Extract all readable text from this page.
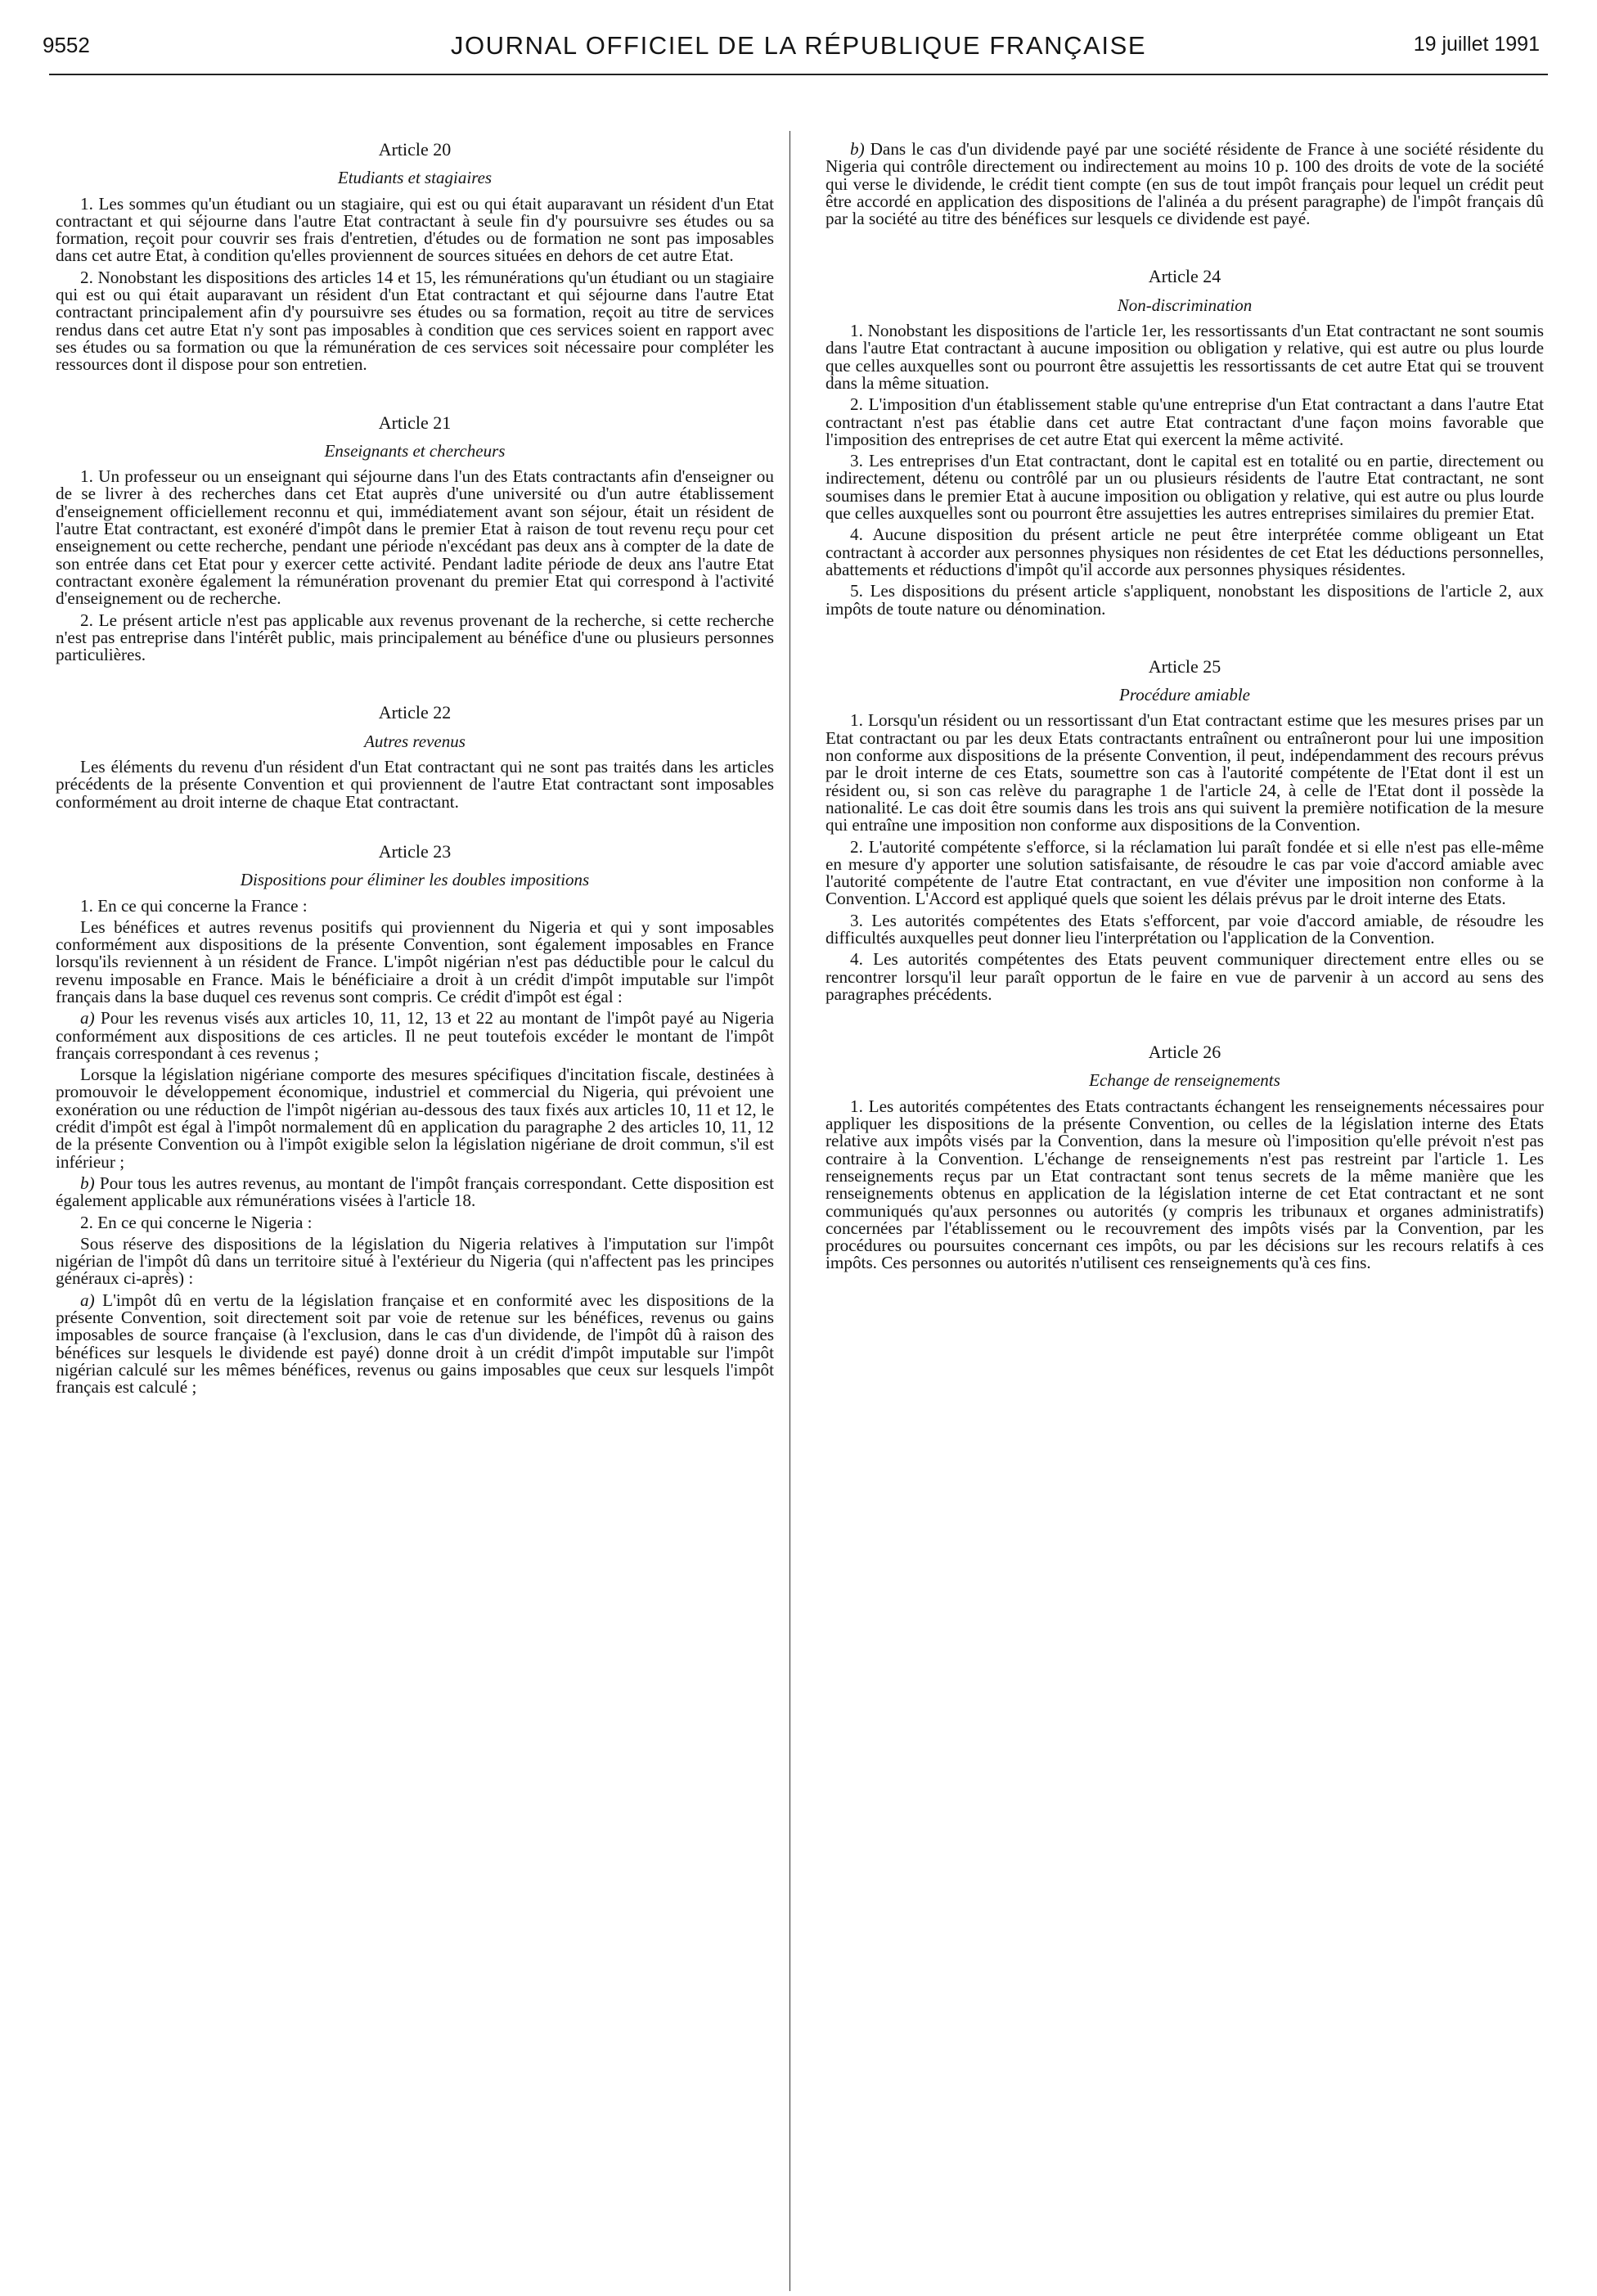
9552	JOURNAL OFFICIEL DE LA RÉPUBLIQUE FRANÇAISE	19 juillet 1991
Article 20
Etudiants et stagiaires

1. Les sommes qu'un étudiant ou un stagiaire, qui est ou qui était auparavant un résident d'un Etat contractant et qui séjourne dans l'autre Etat contractant à seule fin d'y poursuivre ses études ou sa formation, reçoit pour couvrir ses frais d'entretien, d'études ou de formation ne sont pas imposables dans cet autre Etat, à condition qu'elles proviennent de sources situées en dehors de cet autre Etat.

2. Nonobstant les dispositions des articles 14 et 15, les rémunérations qu'un étudiant ou un stagiaire qui est ou qui était auparavant un résident d'un Etat contractant et qui séjourne dans l'autre Etat contractant principalement afin d'y poursuivre ses études ou sa formation, reçoit au titre de services rendus dans cet autre Etat n'y sont pas imposables à condition que ces services soient en rapport avec ses études ou sa formation ou que la rémunération de ces services soit nécessaire pour compléter les ressources dont il dispose pour son entretien.

Article 21
Enseignants et chercheurs

1. Un professeur ou un enseignant qui séjourne dans l'un des Etats contractants afin d'enseigner ou de se livrer à des recherches dans cet Etat auprès d'une université ou d'un autre établissement d'enseignement officiellement reconnu et qui, immédiatement avant son séjour, était un résident de l'autre Etat contractant, est exonéré d'impôt dans le premier Etat à raison de tout revenu reçu pour cet enseignement ou cette recherche, pendant une période n'excédant pas deux ans à compter de la date de son entrée dans cet Etat pour y exercer cette activité. Pendant ladite période de deux ans l'autre Etat contractant exonère également la rémunération provenant du premier Etat qui correspond à l'activité d'enseignement ou de recherche.

2. Le présent article n'est pas applicable aux revenus provenant de la recherche, si cette recherche n'est pas entreprise dans l'intérêt public, mais principalement au bénéfice d'une ou plusieurs personnes particulières.

Article 22
Autres revenus

Les éléments du revenu d'un résident d'un Etat contractant qui ne sont pas traités dans les articles précédents de la présente Convention et qui proviennent de l'autre Etat contractant sont imposables conformément au droit interne de chaque Etat contractant.

Article 23
Dispositions pour éliminer les doubles impositions

1. En ce qui concerne la France :

Les bénéfices et autres revenus positifs qui proviennent du Nigeria et qui y sont imposables conformément aux dispositions de la présente Convention, sont également imposables en France lorsqu'ils reviennent à un résident de France. L'impôt nigérian n'est pas déductible pour le calcul du revenu imposable en France. Mais le bénéficiaire a droit à un crédit d'impôt imputable sur l'impôt français dans la base duquel ces revenus sont compris. Ce crédit d'impôt est égal :

a) Pour les revenus visés aux articles 10, 11, 12, 13 et 22 au montant de l'impôt payé au Nigeria conformément aux dispositions de ces articles. Il ne peut toutefois excéder le montant de l'impôt français correspondant à ces revenus ;

Lorsque la législation nigériane comporte des mesures spécifiques d'incitation fiscale, destinées à promouvoir le développement économique, industriel et commercial du Nigeria, qui prévoient une exonération ou une réduction de l'impôt nigérian au-dessous des taux fixés aux articles 10, 11 et 12, le crédit d'impôt est égal à l'impôt normalement dû en application du paragraphe 2 des articles 10, 11, 12 de la présente Convention ou à l'impôt exigible selon la législation nigériane de droit commun, s'il est inférieur ;

b) Pour tous les autres revenus, au montant de l'impôt français correspondant. Cette disposition est également applicable aux rémunérations visées à l'article 18.

2. En ce qui concerne le Nigeria :

Sous réserve des dispositions de la législation du Nigeria relatives à l'imputation sur l'impôt nigérian de l'impôt dû dans un territoire situé à l'extérieur du Nigeria (qui n'affectent pas les principes généraux ci-après) :

a) L'impôt dû en vertu de la législation française et en conformité avec les dispositions de la présente Convention, soit directement soit par voie de retenue sur les bénéfices, revenus ou gains imposables de source française (à l'exclusion, dans le cas d'un dividende, de l'impôt dû à raison des bénéfices sur lesquels le dividende est payé) donne droit à un crédit d'impôt imputable sur l'impôt nigérian calculé sur les mêmes bénéfices, revenus ou gains imposables que ceux sur lesquels l'impôt français est calculé ;

b) Dans le cas d'un dividende payé par une société résidente de France à une société résidente du Nigeria qui contrôle directement ou indirectement au moins 10 p. 100 des droits de vote de la société qui verse le dividende, le crédit tient compte (en sus de tout impôt français pour lequel un crédit peut être accordé en application des dispositions de l'alinéa a du présent paragraphe) de l'impôt français dû par la société au titre des bénéfices sur lesquels ce dividende est payé.

Article 24
Non-discrimination

1. Nonobstant les dispositions de l'article 1er, les ressortissants d'un Etat contractant ne sont soumis dans l'autre Etat contractant à aucune imposition ou obligation y relative, qui est autre ou plus lourde que celles auxquelles sont ou pourront être assujettis les ressortissants de cet autre Etat qui se trouvent dans la même situation.

2. L'imposition d'un établissement stable qu'une entreprise d'un Etat contractant a dans l'autre Etat contractant n'est pas établie dans cet autre Etat contractant d'une façon moins favorable que l'imposition des entreprises de cet autre Etat qui exercent la même activité.

3. Les entreprises d'un Etat contractant, dont le capital est en totalité ou en partie, directement ou indirectement, détenu ou contrôlé par un ou plusieurs résidents de l'autre Etat contractant, ne sont soumises dans le premier Etat à aucune imposition ou obligation y relative, qui est autre ou plus lourde que celles auxquelles sont ou pourront être assujetties les autres entreprises similaires du premier Etat.

4. Aucune disposition du présent article ne peut être interprétée comme obligeant un Etat contractant à accorder aux personnes physiques non résidentes de cet Etat les déductions personnelles, abattements et réductions d'impôt qu'il accorde aux personnes physiques résidentes.

5. Les dispositions du présent article s'appliquent, nonobstant les dispositions de l'article 2, aux impôts de toute nature ou dénomination.

Article 25
Procédure amiable

1. Lorsqu'un résident ou un ressortissant d'un Etat contractant estime que les mesures prises par un Etat contractant ou par les deux Etats contractants entraînent ou entraîneront pour lui une imposition non conforme aux dispositions de la présente Convention, il peut, indépendamment des recours prévus par le droit interne de ces Etats, soumettre son cas à l'autorité compétente de l'Etat dont il est un résident ou, si son cas relève du paragraphe 1 de l'article 24, à celle de l'Etat dont il possède la nationalité. Le cas doit être soumis dans les trois ans qui suivent la première notification de la mesure qui entraîne une imposition non conforme aux dispositions de la Convention.

2. L'autorité compétente s'efforce, si la réclamation lui paraît fondée et si elle n'est pas elle-même en mesure d'y apporter une solution satisfaisante, de résoudre le cas par voie d'accord amiable avec l'autorité compétente de l'autre Etat contractant, en vue d'éviter une imposition non conforme à la Convention. L'Accord est appliqué quels que soient les délais prévus par le droit interne des Etats.

3. Les autorités compétentes des Etats s'efforcent, par voie d'accord amiable, de résoudre les difficultés auxquelles peut donner lieu l'interprétation ou l'application de la Convention.

4. Les autorités compétentes des Etats peuvent communiquer directement entre elles ou se rencontrer lorsqu'il leur paraît opportun de le faire en vue de parvenir à un accord au sens des paragraphes précédents.

Article 26
Echange de renseignements

1. Les autorités compétentes des Etats contractants échangent les renseignements nécessaires pour appliquer les dispositions de la présente Convention, ou celles de la législation interne des Etats relative aux impôts visés par la Convention, dans la mesure où l'imposition qu'elle prévoit n'est pas contraire à la Convention. L'échange de renseignements n'est pas restreint par l'article 1. Les renseignements reçus par un Etat contractant sont tenus secrets de la même manière que les renseignements obtenus en application de la législation interne de cet Etat contractant et ne sont communiqués qu'aux personnes ou autorités (y compris les tribunaux et organes administratifs) concernées par l'établissement ou le recouvrement des impôts visés par la Convention, par les procédures ou poursuites concernant ces impôts, ou par les décisions sur les recours relatifs à ces impôts. Ces personnes ou autorités n'utilisent ces renseignements qu'à ces fins.
